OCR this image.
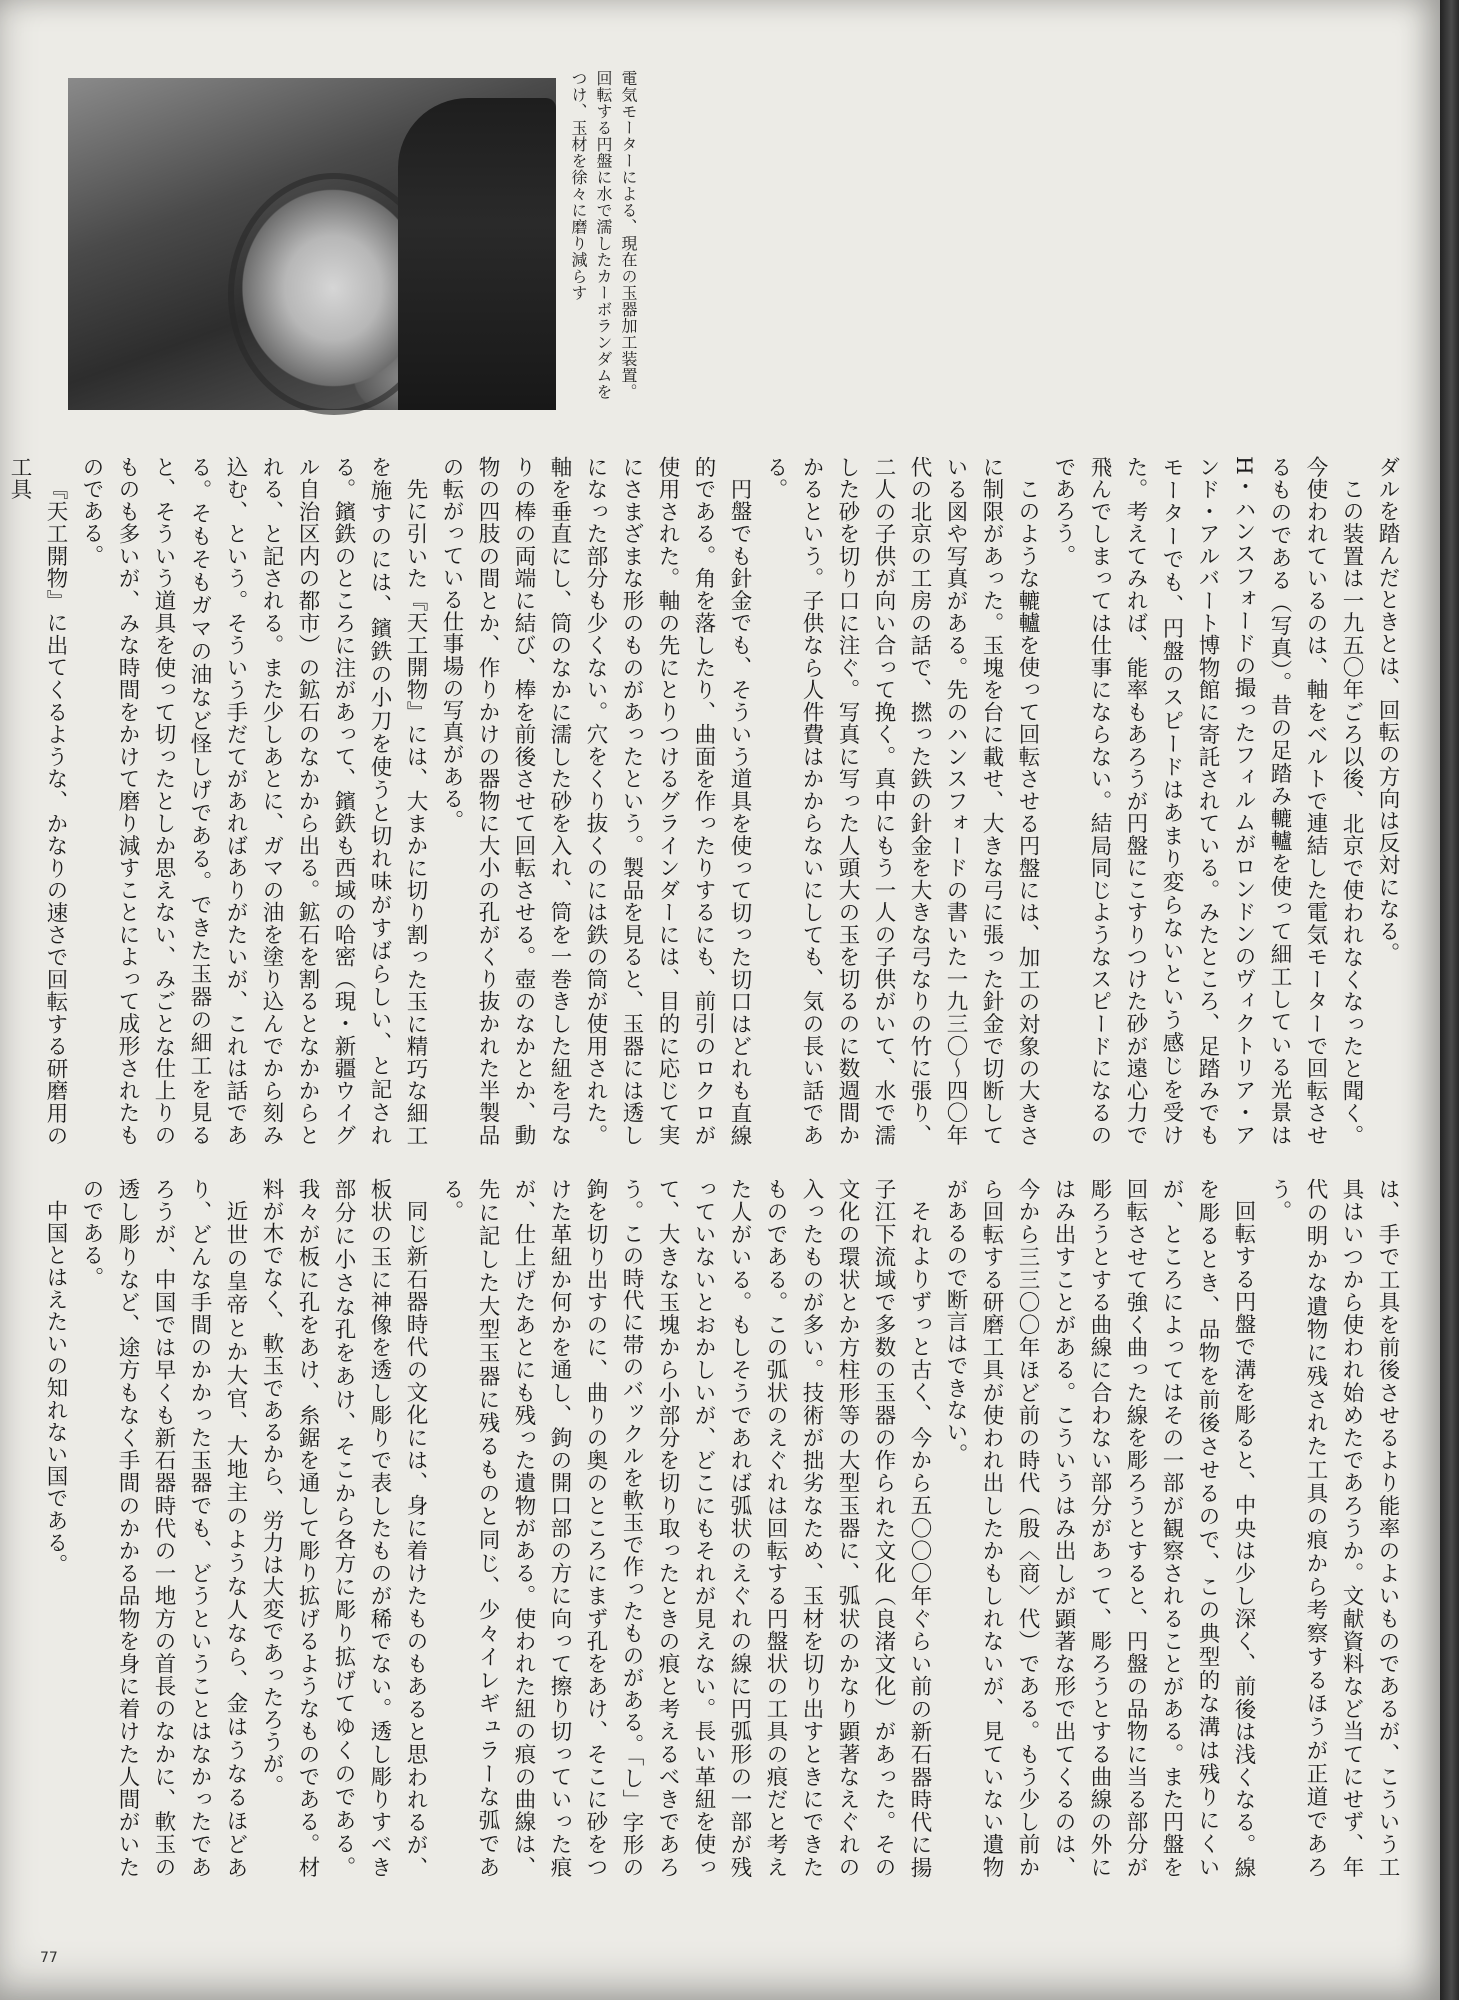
電気モーターによる、現在の玉器加工装置。回転する円盤に水で濡したカーボランダムをつけ、玉材を徐々に磨り減らす

ダルを踏んだときとは、回転の方向は反対になる。

この装置は一九五〇年ごろ以後、北京で使われなくなったと聞く。今使われているのは、軸をベルトで連結した電気モーターで回転させるものである（写真）。昔の足踏み轆轤を使って細工している光景はH・ハンスフォードの撮ったフィルムがロンドンのヴィクトリア・アンド・アルバート博物館に寄託されている。みたところ、足踏みでもモーターでも、円盤のスピードはあまり変らないという感じを受けた。考えてみれば、能率もあろうが円盤にこすりつけた砂が遠心力で飛んでしまっては仕事にならない。結局同じようなスピードになるのであろう。

このような轆轤を使って回転させる円盤には、加工の対象の大きさに制限があった。玉塊を台に載せ、大きな弓に張った針金で切断している図や写真がある。先のハンスフォードの書いた一九三〇〜四〇年代の北京の工房の話で、撚った鉄の針金を大きな弓なりの竹に張り、二人の子供が向い合って挽く。真中にもう一人の子供がいて、水で濡した砂を切り口に注ぐ。写真に写った人頭大の玉を切るのに数週間かかるという。子供なら人件費はかからないにしても、気の長い話である。

円盤でも針金でも、そういう道具を使って切った切口はどれも直線的である。角を落したり、曲面を作ったりするにも、前引のロクロが使用された。軸の先にとりつけるグラインダーには、目的に応じて実にさまざまな形のものがあったという。製品を見ると、玉器には透しになった部分も少くない。穴をくり抜くのには鉄の筒が使用された。軸を垂直にし、筒のなかに濡した砂を入れ、筒を一巻きした紐を弓なりの棒の両端に結び、棒を前後させて回転させる。壺のなかとか、動物の四肢の間とか、作りかけの器物に大小の孔がくり抜かれた半製品の転がっている仕事場の写真がある。

先に引いた『天工開物』には、大まかに切り割った玉に精巧な細工を施すのには、鑌鉄の小刀を使うと切れ味がすばらしい、と記される。鑌鉄のところに注があって、鑌鉄も西域の哈密（現・新疆ウイグル自治区内の都市）の鉱石のなかから出る。鉱石を割るとなかからとれる、と記される。また少しあとに、ガマの油を塗り込んでから刻み込む、という。そういう手だてがあればありがたいが、これは話である。そもそもガマの油など怪しげである。できた玉器の細工を見ると、そういう道具を使って切ったとしか思えない、みごとな仕上りのものも多いが、みな時間をかけて磨り減すことによって成形されたものである。

『天工開物』に出てくるような、かなりの速さで回転する研磨用の工具

は、手で工具を前後させるより能率のよいものであるが、こういう工具はいつから使われ始めたであろうか。文献資料など当てにせず、年代の明かな遺物に残された工具の痕から考察するほうが正道であろう。

回転する円盤で溝を彫ると、中央は少し深く、前後は浅くなる。線を彫るとき、品物を前後させるので、この典型的な溝は残りにくいが、ところによってはその一部が観察されることがある。また円盤を回転させて強く曲った線を彫ろうとすると、円盤の品物に当る部分が彫ろうとする曲線に合わない部分があって、彫ろうとする曲線の外にはみ出すことがある。こういうはみ出しが顕著な形で出てくるのは、今から三三〇〇年ほど前の時代（殷〈商〉代）である。もう少し前から回転する研磨工具が使われ出したかもしれないが、見ていない遺物があるので断言はできない。

それよりずっと古く、今から五〇〇〇年ぐらい前の新石器時代に揚子江下流域で多数の玉器の作られた文化（良渚文化）があった。その文化の環状とか方柱形等の大型玉器に、弧状のかなり顕著なえぐれの入ったものが多い。技術が拙劣なため、玉材を切り出すときにできたものである。この弧状のえぐれは回転する円盤状の工具の痕だと考えた人がいる。もしそうであれば弧状のえぐれの線に円弧形の一部が残っていないとおかしいが、どこにもそれが見えない。長い革紐を使って、大きな玉塊から小部分を切り取ったときの痕と考えるべきであろう。この時代に帯のバックルを軟玉で作ったものがある。「し」字形の鉤を切り出すのに、曲りの奥のところにまず孔をあけ、そこに砂をつけた革紐か何かを通し、鉤の開口部の方に向って擦り切っていった痕が、仕上げたあとにも残った遺物がある。使われた紐の痕の曲線は、先に記した大型玉器に残るものと同じ、少々イレギュラーな弧である。

同じ新石器時代の文化には、身に着けたものもあると思われるが、板状の玉に神像を透し彫りで表したものが稀でない。透し彫りすべき部分に小さな孔をあけ、そこから各方に彫り拡げてゆくのである。我々が板に孔をあけ、糸鋸を通して彫り拡げるようなものである。材料が木でなく、軟玉であるから、労力は大変であったろうが。

近世の皇帝とか大官、大地主のような人なら、金はうなるほどあり、どんな手間のかかった玉器でも、どうということはなかったであろうが、中国では早くも新石器時代の一地方の首長のなかに、軟玉の透し彫りなど、途方もなく手間のかかる品物を身に着けた人間がいたのである。

中国とはえたいの知れない国である。

77
